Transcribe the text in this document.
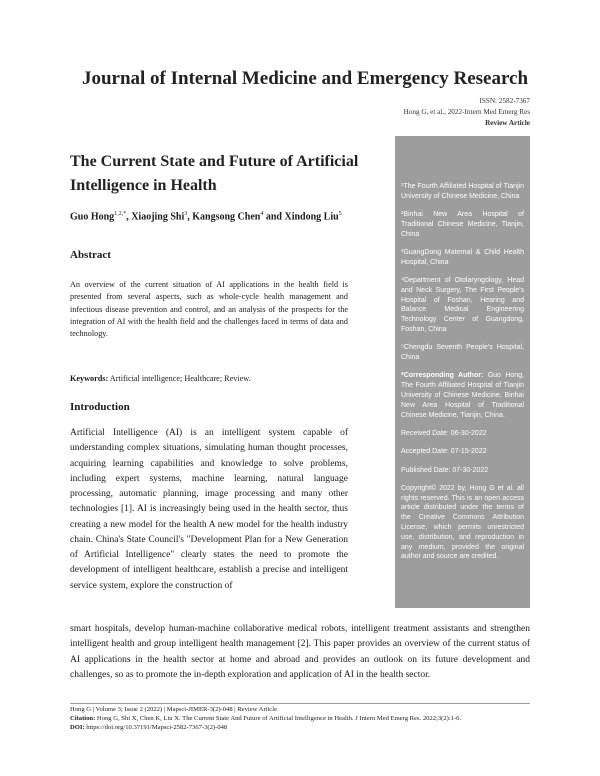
Journal of Internal Medicine and Emergency Research
ISSN: 2582-7367
Hong G, et al., 2022-Intern Med Emerg Res
Review Article
The Current State and Future of Artificial Intelligence in Health
Guo Hong$^{1,2,*}$, Xiaojing Shi$^3$, Kangsong Chen$^4$ and Xindong Liu$^5$
Abstract
An overview of the current situation of AI applications in the health field is presented from several aspects, such as whole-cycle health management and infectious disease prevention and control, and an analysis of the prospects for the integration of AI with the health field and the challenges faced in terms of data and technology.
Keywords: Artificial intelligence; Healthcare; Review.
Introduction
Artificial Intelligence (AI) is an intelligent system capable of understanding complex situations, simulating human thought processes, acquiring learning capabilities and knowledge to solve problems, including expert systems, machine learning, natural language processing, automatic planning, image processing and many other technologies [1]. AI is increasingly being used in the health sector, thus creating a new model for the health A new model for the health industry chain. China's State Council's "Development Plan for a New Generation of Artificial Intelligence" clearly states the need to promote the development of intelligent healthcare, establish a precise and intelligent service system, explore the construction of
smart hospitals, develop human-machine collaborative medical robots, intelligent treatment assistants and strengthen intelligent health and group intelligent health management [2]. This paper provides an overview of the current status of AI applications in the health sector at home and abroad and provides an outlook on its future development and challenges, so as to promote the in-depth exploration and application of AI in the health sector.
¹The Fourth Affiliated Hospital of Tianjin University of Chinese Medicine, China
²Binhai New Area Hospital of Traditional Chinese Medicine, Tianjin, China
³GuangDong Maternal & Child Health Hospital, China
⁴Department of Otolaryngology, Head and Neck Surgery, The First People's Hospital of Foshan, Hearing and Balance Medical Engineering Technology Center of Guangdong, Foshan, China
⁵Chengdu Seventh People's Hospital, China
*Corresponding Author: Guo Hong, The Fourth Affiliated Hospital of Tianjin University of Chinese Medicine, Binhai New Area Hospital of Traditional Chinese Medicine, Tianjin, China.
Received Date: 06-30-2022
Accepted Date: 07-15-2022
Published Date: 07-30-2022
Copyright© 2022 by, Hong G et al. all rights reserved. This is an open access article distributed under the terms of the Creative Commons Attribution License, which permits unrestricted use, distribution, and reproduction in any medium, provided the original author and source are credited.
Hong G | Volume 3; Issue 2 (2022) | Mapsci-JIMER-3(2)-048 | Review Article
Citation: Hong G, Shi X, Chen K, Liu X. The Current State And Future of Artificial Intelligence in Health. J Intern Med Emerg Res. 2022;3(2):1-6.
DOI: https://doi.org/10.37191/Mapsci-2582-7367-3(2)-048
